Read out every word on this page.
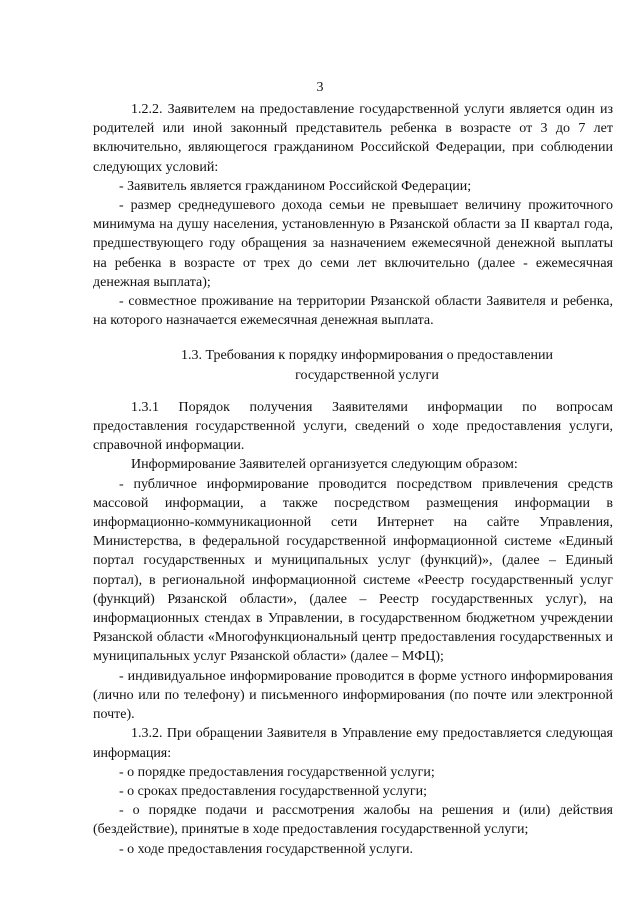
3

1.2.2. Заявителем на предоставление государственной услуги является один из родителей или иной законный представитель ребенка в возрасте от 3 до 7 лет включительно, являющегося гражданином Российской Федерации, при соблюдении следующих условий:

- Заявитель является гражданином Российской Федерации;

- размер среднедушевого дохода семьи не превышает величину прожиточного минимума на душу населения, установленную в Рязанской области за II квартал года, предшествующего году обращения за назначением ежемесячной денежной выплаты на ребенка в возрасте от трех до семи лет включительно (далее - ежемесячная денежная выплата);

- совместное проживание на территории Рязанской области Заявителя и ребенка, на которого назначается ежемесячная денежная выплата.

1.3. Требования к порядку информирования о предоставлении

государственной услуги

1.3.1 Порядок получения Заявителями информации по вопросам предоставления государственной услуги, сведений о ходе предоставления услуги, справочной информации.

Информирование Заявителей организуется следующим образом:

- публичное информирование проводится посредством привлечения средств массовой информации, а также посредством размещения информации в информационно-коммуникационной сети Интернет на сайте Управления, Министерства, в федеральной государственной информационной системе «Единый портал государственных и муниципальных услуг (функций)», (далее – Единый портал), в региональной информационной системе «Реестр государственный услуг (функций) Рязанской области», (далее – Реестр государственных услуг), на информационных стендах в Управлении, в государственном бюджетном учреждении Рязанской области «Многофункциональный центр предоставления государственных и муниципальных услуг Рязанской области» (далее – МФЦ);

- индивидуальное информирование проводится в форме устного информирования (лично или по телефону) и письменного информирования (по почте или электронной почте).

1.3.2. При обращении Заявителя в Управление ему предоставляется следующая информация:

- о порядке предоставления государственной услуги;

- о сроках предоставления государственной услуги;

- о порядке подачи и рассмотрения жалобы на решения и (или) действия (бездействие), принятые в ходе предоставления государственной услуги;

- о ходе предоставления государственной услуги.
